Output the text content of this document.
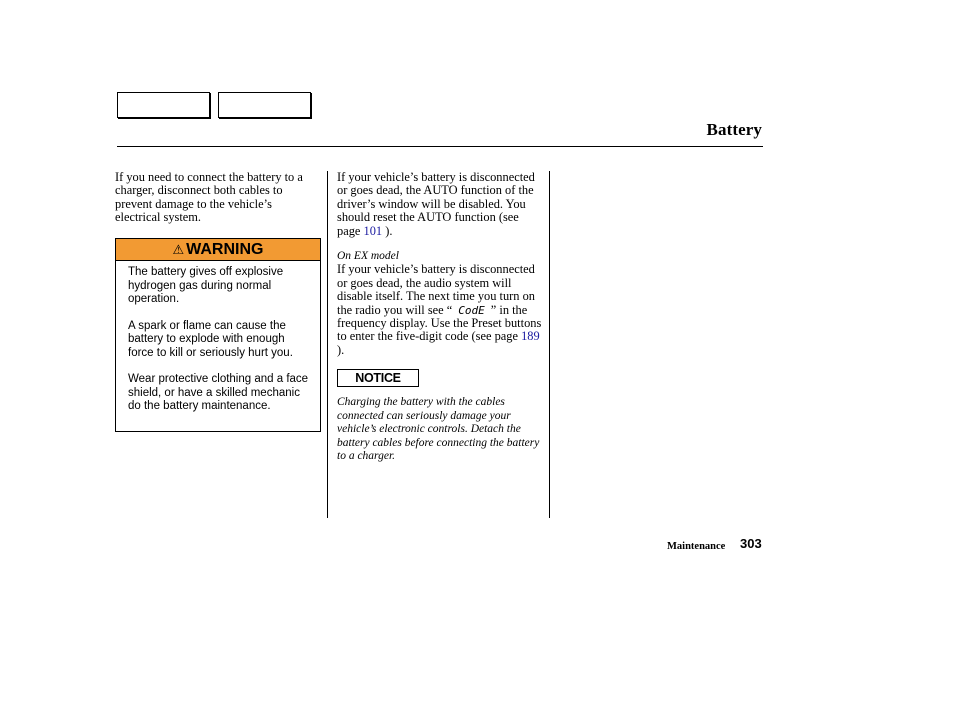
Battery

If you need to connect the battery to a charger, disconnect both cables to prevent damage to the vehicle’s electrical system.

⚠ WARNING

The battery gives off explosive hydrogen gas during normal operation.

A spark or flame can cause the battery to explode with enough force to kill or seriously hurt you.

Wear protective clothing and a face shield, or have a skilled mechanic do the battery maintenance.

If your vehicle’s battery is disconnected or goes dead, the AUTO function of the driver’s window will be disabled. You should reset the AUTO function (see page 101 ).

On EX model

If your vehicle’s battery is disconnected or goes dead, the audio system will disable itself. The next time you turn on the radio you will see “ CodE ” in the frequency display. Use the Preset buttons to enter the five-digit code (see page 189 ).

NOTICE

Charging the battery with the cables connected can seriously damage your vehicle’s electronic controls. Detach the battery cables before connecting the battery to a charger.

Maintenance 303
